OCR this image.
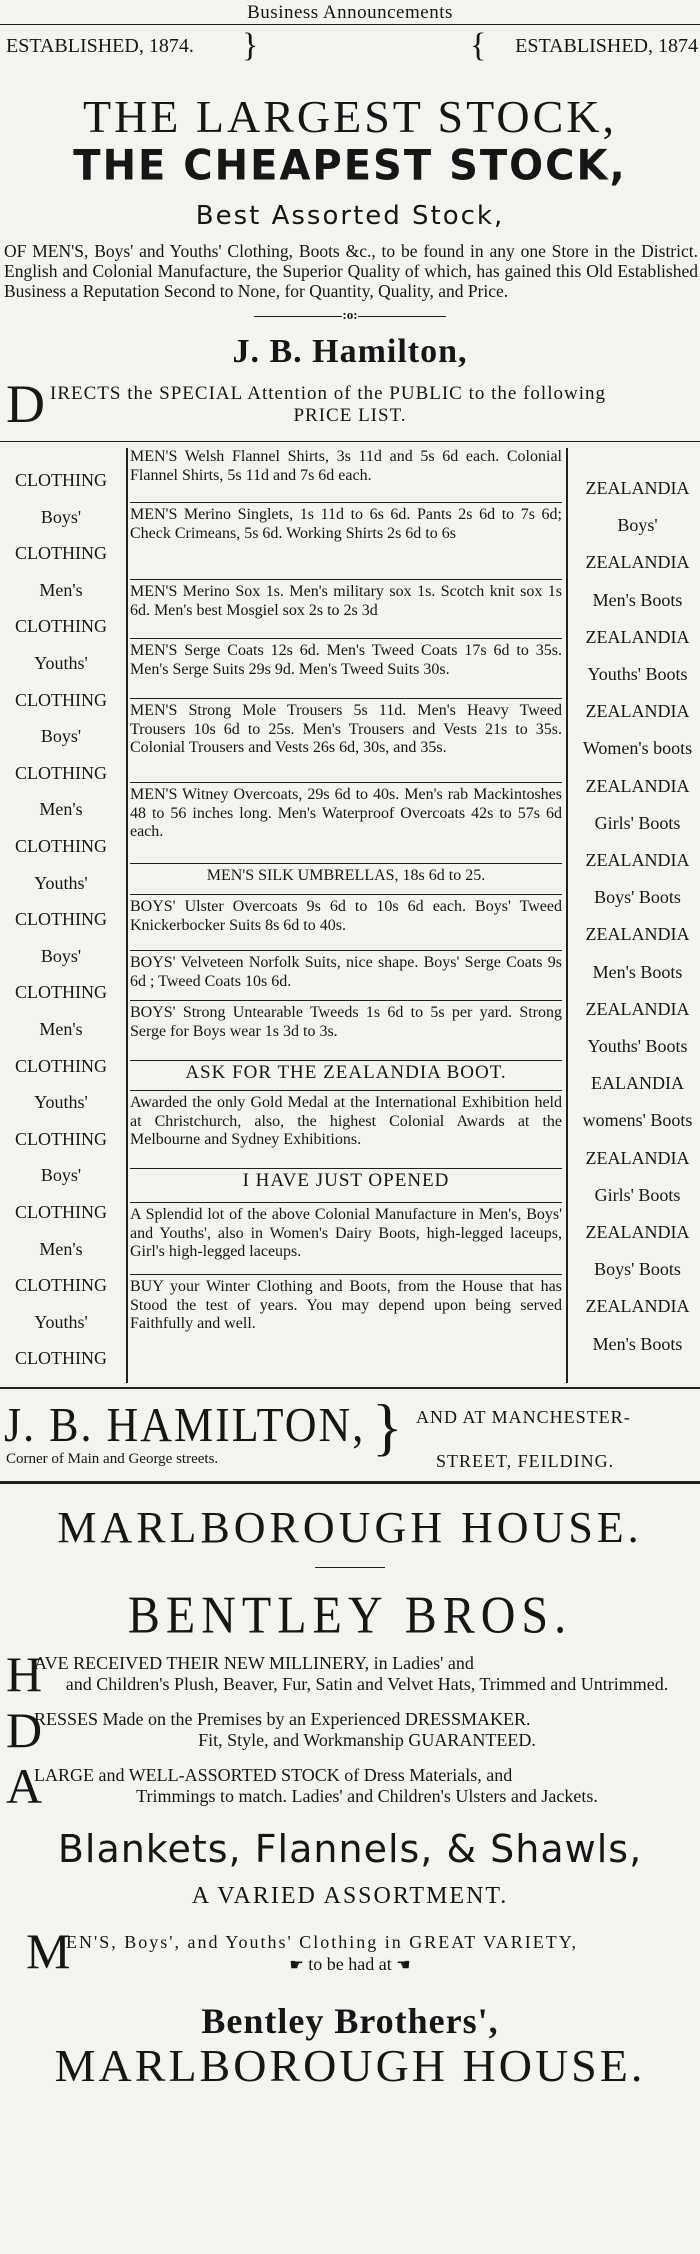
Business Announcements
ESTABLISHED, 1874. }	{ ESTABLISHED, 1874
THE LARGEST STOCK,
THE CHEAPEST STOCK,
Best Assorted Stock,
OF MEN'S, Boys' and Youths' Clothing, Boots &c., to be found in any one Store in the District. English and Colonial Manufacture, the Superior Quality of which, has gained this Old Established Business a Reputation Second to None, for Quantity, Quality, and Price.
:o:
J. B. Hamilton,
D IRECTS the SPECIAL Attention of the PUBLIC to the following
PRICE LIST.
CLOTHING
Boys'
CLOTHING
Men's
CLOTHING
Youths'
CLOTHING
Boys'
CLOTHING
Men's
CLOTHING
Youths'
CLOTHING
Boys'
CLOTHING
Men's
CLOTHING
Youths'
CLOTHING
Boys'
CLOTHING
Men's
CLOTHING
Youths'
CLOTHING
MEN'S Welsh Flannel Shirts, 3s 11d and 5s 6d each. Colonial Flannel Shirts, 5s 11d and 7s 6d each.
MEN'S Merino Singlets, 1s 11d to 6s 6d. Pants 2s 6d to 7s 6d; Check Crimeans, 5s 6d. Working Shirts 2s 6d to 6s
MEN'S Merino Sox 1s. Men's military sox 1s. Scotch knit sox 1s 6d. Men's best Mosgiel sox 2s to 2s 3d
MEN'S Serge Coats 12s 6d. Men's Tweed Coats 17s 6d to 35s. Men's Serge Suits 29s 9d. Men's Tweed Suits 30s.
MEN'S Strong Mole Trousers 5s 11d. Men's Heavy Tweed Trousers 10s 6d to 25s. Men's Trousers and Vests 21s to 35s. Colonial Trousers and Vests 26s 6d, 30s, and 35s.
MEN'S Witney Overcoats, 29s 6d to 40s. Men's rab Mackintoshes 48 to 56 inches long. Men's Waterproof Overcoats 42s to 57s 6d each.
MEN'S SILK UMBRELLAS, 18s 6d to 25.
BOYS' Ulster Overcoats 9s 6d to 10s 6d each. Boys' Tweed Knickerbocker Suits 8s 6d to 40s.
BOYS' Velveteen Norfolk Suits, nice shape. Boys' Serge Coats 9s 6d ; Tweed Coats 10s 6d.
BOYS' Strong Untearable Tweeds 1s 6d to 5s per yard. Strong Serge for Boys wear 1s 3d to 3s.
ASK FOR THE ZEALANDIA BOOT.
Awarded the only Gold Medal at the International Exhibition held at Christchurch, also, the highest Colonial Awards at the Melbourne and Sydney Exhibitions.
I HAVE JUST OPENED
A Splendid lot of the above Colonial Manufacture in Men's, Boys' and Youths', also in Women's Dairy Boots, high-legged laceups, Girl's high-legged laceups.
BUY your Winter Clothing and Boots, from the House that has Stood the test of years. You may depend upon being served Faithfully and well.
ZEALANDIA
Boys'
ZEALANDIA
Men's Boots
ZEALANDIA
Youths' Boots
ZEALANDIA
Women's boots
ZEALANDIA
Girls' Boots
ZEALANDIA
Boys' Boots
ZEALANDIA
Men's Boots
ZEALANDIA
Youths' Boots
EALANDIA
womens' Boots
ZEALANDIA
Girls' Boots
ZEALANDIA
Boys' Boots
ZEALANDIA
Men's Boots
J. B. HAMILTON,
Corner of Main and George streets. } AND AT MANCHESTER-
STREET, FEILDING.
MARLBOROUGH HOUSE.
BENTLEY BROS.
H
AVE RECEIVED THEIR NEW MILLINERY, in Ladies' and
and Children's Plush, Beaver, Fur, Satin and Velvet Hats, Trimmed and Untrimmed.
D
RESSES Made on the Premises by an Experienced DRESSMAKER.
Fit, Style, and Workmanship GUARANTEED.
A
LARGE and WELL-ASSORTED STOCK of Dress Materials, and
Trimmings to match. Ladies' and Children's Ulsters and Jackets.
Blankets, Flannels, & Shawls,
A VARIED ASSORTMENT.
M
EN'S, Boys', and Youths' Clothing in GREAT VARIETY,
☛ to be had at ☚
Bentley Brothers',
MARLBOROUGH HOUSE.
